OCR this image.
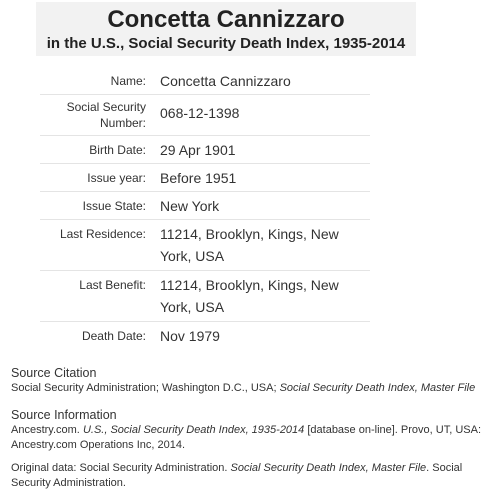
Concetta Cannizzaro
in the U.S., Social Security Death Index, 1935-2014
Name:	Concetta Cannizzaro
Social Security Number:	068-12-1398
Birth Date:	29 Apr 1901
Issue year:	Before 1951
Issue State:	New York
Last Residence:	11214, Brooklyn, Kings, New York, USA
Last Benefit:	11214, Brooklyn, Kings, New York, USA
Death Date:	Nov 1979
Source Citation

Social Security Administration; Washington D.C., USA; Social Security Death Index, Master File

Source Information

Ancestry.com. U.S., Social Security Death Index, 1935-2014 [database on-line]. Provo, UT, USA: Ancestry.com Operations Inc, 2014.

Original data: Social Security Administration. Social Security Death Index, Master File. Social Security Administration.
